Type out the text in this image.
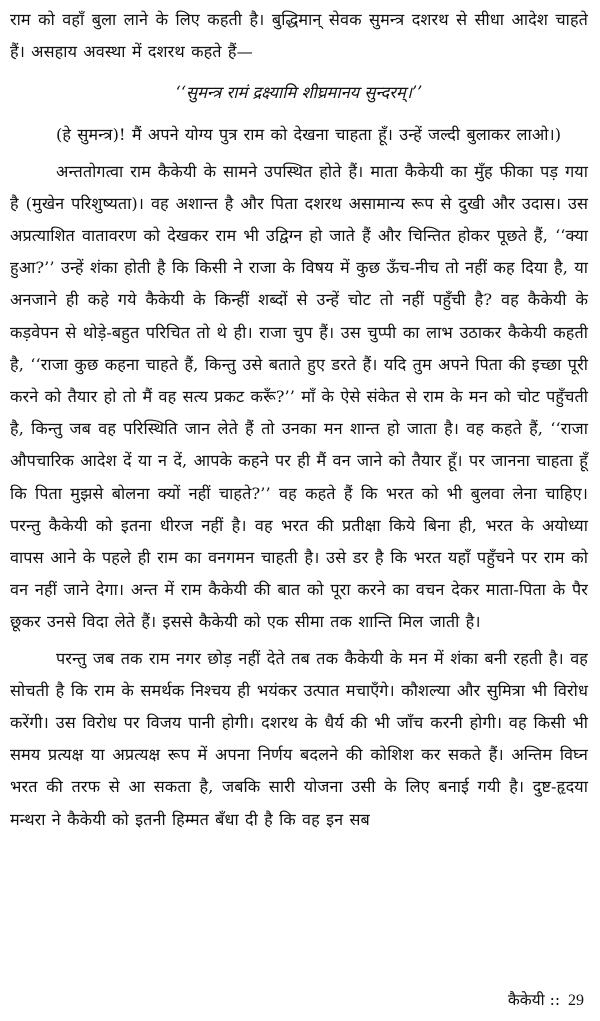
राम को वहाँ बुला लाने के लिए कहती है। बुद्धिमान् सेवक सुमन्त्र दशरथ से सीधा आदेश चाहते हैं। असहाय अवस्था में दशरथ कहते हैं—

‘‘सुमन्त्र रामं द्रक्ष्यामि शीघ्रमानय सुन्दरम्।’’

(हे सुमन्त्र)! मैं अपने योग्य पुत्र राम को देखना चाहता हूँ। उन्हें जल्दी बुलाकर लाओ।)

अन्ततोगत्वा राम कैकेयी के सामने उपस्थित होते हैं। माता कैकेयी का मुँह फीका पड़ गया है (मुखेन परिशुष्यता)। वह अशान्त है और पिता दशरथ असामान्य रूप से दुखी और उदास। उस अप्रत्याशित वातावरण को देखकर राम भी उद्विग्न हो जाते हैं और चिन्तित होकर पूछते हैं, ‘‘क्या हुआ?’’ उन्हें शंका होती है कि किसी ने राजा के विषय में कुछ ऊँच-नीच तो नहीं कह दिया है, या अनजाने ही कहे गये कैकेयी के किन्हीं शब्दों से उन्हें चोट तो नहीं पहुँची है? वह कैकेयी के कड़वेपन से थोड़े-बहुत परिचित तो थे ही। राजा चुप हैं। उस चुप्पी का लाभ उठाकर कैकेयी कहती है, ‘‘राजा कुछ कहना चाहते हैं, किन्तु उसे बताते हुए डरते हैं। यदि तुम अपने पिता की इच्छा पूरी करने को तैयार हो तो मैं वह सत्य प्रकट करूँ?’’ माँ के ऐसे संकेत से राम के मन को चोट पहुँचती है, किन्तु जब वह परिस्थिति जान लेते हैं तो उनका मन शान्त हो जाता है। वह कहते हैं, ‘‘राजा औपचारिक आदेश दें या न दें, आपके कहने पर ही मैं वन जाने को तैयार हूँ। पर जानना चाहता हूँ कि पिता मुझसे बोलना क्यों नहीं चाहते?’’ वह कहते हैं कि भरत को भी बुलवा लेना चाहिए। परन्तु कैकेयी को इतना धीरज नहीं है। वह भरत की प्रतीक्षा किये बिना ही, भरत के अयोध्या वापस आने के पहले ही राम का वनगमन चाहती है। उसे डर है कि भरत यहाँ पहुँचने पर राम को वन नहीं जाने देगा। अन्त में राम कैकेयी की बात को पूरा करने का वचन देकर माता-पिता के पैर छूकर उनसे विदा लेते हैं। इससे कैकेयी को एक सीमा तक शान्ति मिल जाती है।

परन्तु जब तक राम नगर छोड़ नहीं देते तब तक कैकेयी के मन में शंका बनी रहती है। वह सोचती है कि राम के समर्थक निश्चय ही भयंकर उत्पात मचाएँगे। कौशल्या और सुमित्रा भी विरोध करेंगी। उस विरोध पर विजय पानी होगी। दशरथ के धैर्य की भी जाँच करनी होगी। वह किसी भी समय प्रत्यक्ष या अप्रत्यक्ष रूप में अपना निर्णय बदलने की कोशिश कर सकते हैं। अन्तिम विघ्न भरत की तरफ से आ सकता है, जबकि सारी योजना उसी के लिए बनाई गयी है। दुष्ट-हृदया मन्थरा ने कैकेयी को इतनी हिम्मत बँधा दी है कि वह इन सब

कैकेयी :: 29
